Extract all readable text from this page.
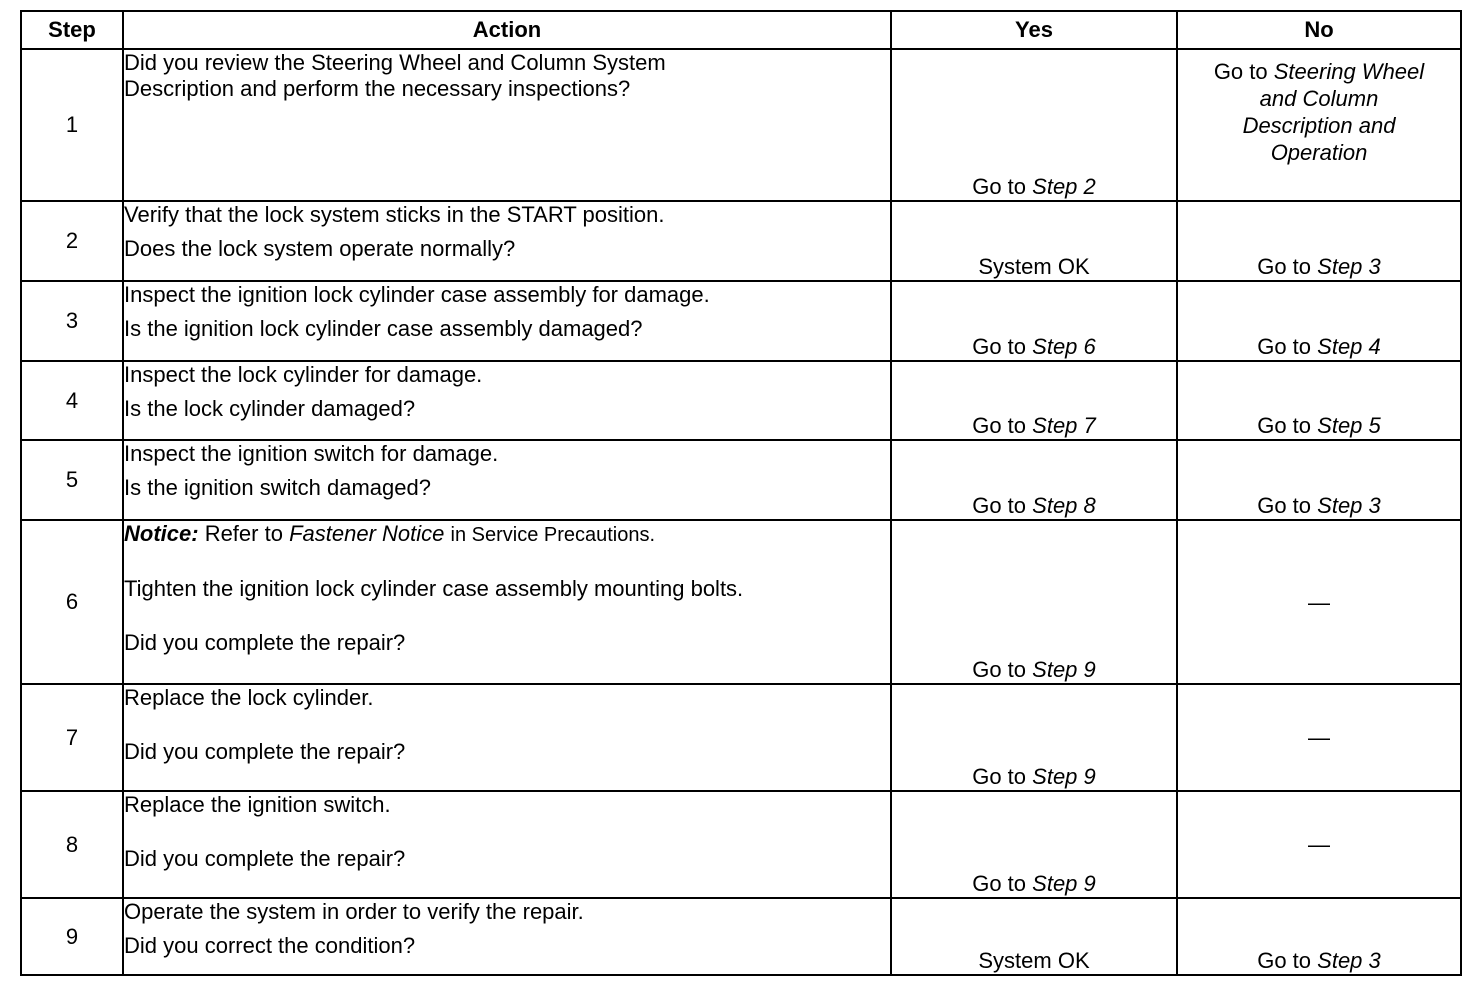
Step	Action	Yes	No
1	Did you review the Steering Wheel and Column System
Description and perform the necessary inspections?	Go to Step 2	Go to Steering Wheel
and Column
Description and
Operation
2	Verify that the lock system sticks in the START position.
Does the lock system operate normally?	System OK	Go to Step 3
3	Inspect the ignition lock cylinder case assembly for damage.
Is the ignition lock cylinder case assembly damaged?	Go to Step 6	Go to Step 4
4	Inspect the lock cylinder for damage.
Is the lock cylinder damaged?	Go to Step 7	Go to Step 5
5	Inspect the ignition switch for damage.
Is the ignition switch damaged?	Go to Step 8	Go to Step 3
6	Notice: Refer to Fastener Notice in Service Precautions.
Tighten the ignition lock cylinder case assembly mounting bolts.
Did you complete the repair?	Go to Step 9	—
7	Replace the lock cylinder.
Did you complete the repair?	Go to Step 9	—
8	Replace the ignition switch.
Did you complete the repair?	Go to Step 9	—
9	Operate the system in order to verify the repair.
Did you correct the condition?	System OK	Go to Step 3
